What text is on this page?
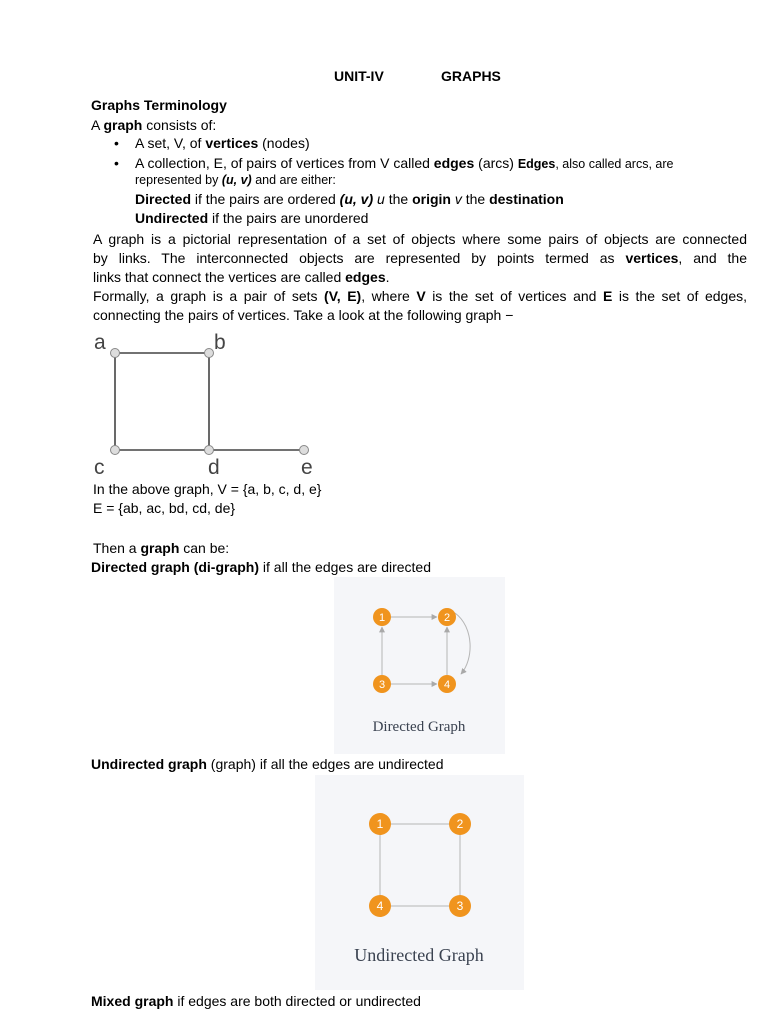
UNIT-IV	GRAPHS
Graphs Terminology
A graph consists of:
• A set, V, of vertices (nodes)
• A collection, E, of pairs of vertices from V called edges (arcs) Edges, also called arcs, are
represented by (u, v) and are either:
Directed if the pairs are ordered (u, v) u the origin v the destination
Undirected if the pairs are unordered
A graph is a pictorial representation of a set of objects where some pairs of objects are connected
by links. The interconnected objects are represented by points termed as vertices, and the
links that connect the vertices are called edges.
Formally, a graph is a pair of sets (V, E), where V is the set of vertices and E is the set of edges,
connecting the pairs of vertices. Take a look at the following graph −
a	b
c	d	e
In the above graph, V = {a, b, c, d, e}
E = {ab, ac, bd, cd, de}
Then a graph can be:
Directed graph (di-graph) if all the edges are directed
1	2
3	4
Directed Graph
Undirected graph (graph) if all the edges are undirected
1	2
4	3
Undirected Graph
Mixed graph if edges are both directed or undirected
